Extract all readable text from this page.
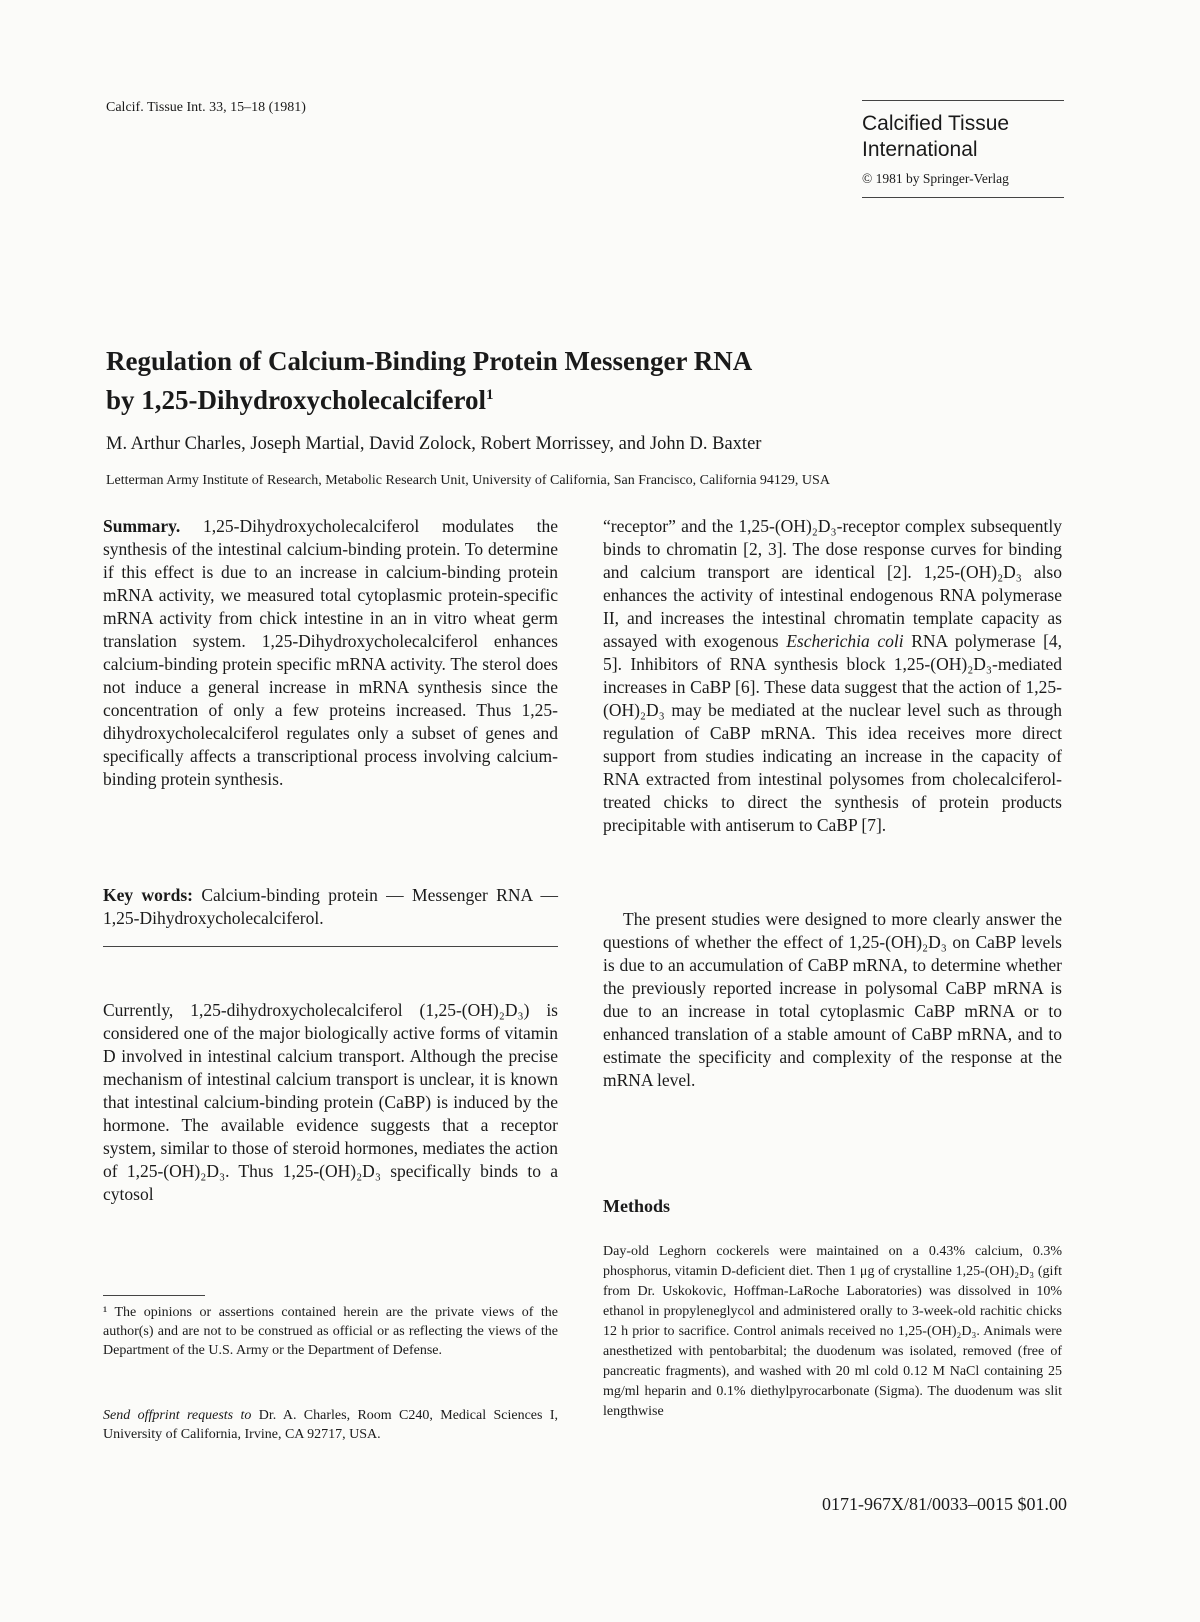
Calcif. Tissue Int. 33, 15–18 (1981)
Calcified Tissue
International
© 1981 by Springer-Verlag
Regulation of Calcium-Binding Protein Messenger RNA
by 1,25-Dihydroxycholecalciferol$^1$
M. Arthur Charles, Joseph Martial, David Zolock, Robert Morrissey, and John D. Baxter
Letterman Army Institute of Research, Metabolic Research Unit, University of California, San Francisco, California 94129, USA

Summary. 1,25-Dihydroxycholecalciferol modulates the synthesis of the intestinal calcium-binding protein. To determine if this effect is due to an increase in calcium-binding protein mRNA activity, we measured total cytoplasmic protein-specific mRNA activity from chick intestine in an in vitro wheat germ translation system. 1,25-Dihydroxycholecalciferol enhances calcium-binding protein specific mRNA activity. The sterol does not induce a general increase in mRNA synthesis since the concentration of only a few proteins increased. Thus 1,25-dihydroxycholecalciferol regulates only a subset of genes and specifically affects a transcriptional process involving calcium-binding protein synthesis.

Key words: Calcium-binding protein — Messenger RNA — 1,25-Dihydroxycholecalciferol.

Currently, 1,25-dihydroxycholecalciferol (1,25-(OH)₂D₃) is considered one of the major biologically active forms of vitamin D involved in intestinal calcium transport. Although the precise mechanism of intestinal calcium transport is unclear, it is known that intestinal calcium-binding protein (CaBP) is induced by the hormone. The available evidence suggests that a receptor system, similar to those of steroid hormones, mediates the action of 1,25-(OH)₂D₃. Thus 1,25-(OH)₂D₃ specifically binds to a cytosol

¹ The opinions or assertions contained herein are the private views of the author(s) and are not to be construed as official or as reflecting the views of the Department of the U.S. Army or the Department of Defense.
Send offprint requests to Dr. A. Charles, Room C240, Medical Sciences I, University of California, Irvine, CA 92717, USA.

“receptor” and the 1,25-(OH)₂D₃-receptor complex subsequently binds to chromatin [2, 3]. The dose response curves for binding and calcium transport are identical [2]. 1,25-(OH)₂D₃ also enhances the activity of intestinal endogenous RNA polymerase II, and increases the intestinal chromatin template capacity as assayed with exogenous Escherichia coli RNA polymerase [4, 5]. Inhibitors of RNA synthesis block 1,25-(OH)₂D₃-mediated increases in CaBP [6]. These data suggest that the action of 1,25-(OH)₂D₃ may be mediated at the nuclear level such as through regulation of CaBP mRNA. This idea receives more direct support from studies indicating an increase in the capacity of RNA extracted from intestinal polysomes from cholecalciferol-treated chicks to direct the synthesis of protein products precipitable with antiserum to CaBP [7].

The present studies were designed to more clearly answer the questions of whether the effect of 1,25-(OH)₂D₃ on CaBP levels is due to an accumulation of CaBP mRNA, to determine whether the previously reported increase in polysomal CaBP mRNA is due to an increase in total cytoplasmic CaBP mRNA or to enhanced translation of a stable amount of CaBP mRNA, and to estimate the specificity and complexity of the response at the mRNA level.

Methods
Day-old Leghorn cockerels were maintained on a 0.43% calcium, 0.3% phosphorus, vitamin D-deficient diet. Then 1 μg of crystalline 1,25-(OH)₂D₃ (gift from Dr. Uskokovic, Hoffman-LaRoche Laboratories) was dissolved in 10% ethanol in propyleneglycol and administered orally to 3-week-old rachitic chicks 12 h prior to sacrifice. Control animals received no 1,25-(OH)₂D₃. Animals were anesthetized with pentobarbital; the duodenum was isolated, removed (free of pancreatic fragments), and washed with 20 ml cold 0.12 M NaCl containing 25 mg/ml heparin and 0.1% diethylpyrocarbonate (Sigma). The duodenum was slit lengthwise
0171-967X/81/0033–0015 $01.00
